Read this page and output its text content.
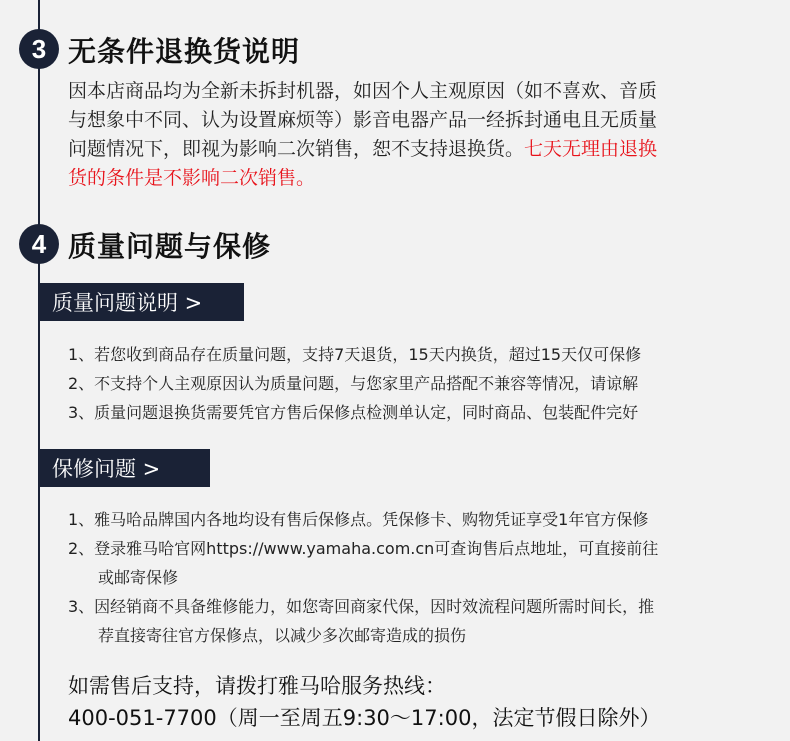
3 无条件退换货说明
因本店商品均为全新未拆封机器，如因个人主观原因（如不喜欢、音质
与想象中不同、认为设置麻烦等）影音电器产品一经拆封通电且无质量
问题情况下，即视为影响二次销售，恕不支持退换货。七天无理由退换
货的条件是不影响二次销售。
4 质量问题与保修
质量问题说明 >
1、若您收到商品存在质量问题，支持7天退货，15天内换货，超过15天仅可保修
2、不支持个人主观原因认为质量问题，与您家里产品搭配不兼容等情况，请谅解
3、质量问题退换货需要凭官方售后保修点检测单认定，同时商品、包装配件完好
保修问题 >
1、雅马哈品牌国内各地均设有售后保修点。凭保修卡、购物凭证享受1年官方保修
2、登录雅马哈官网https://www.yamaha.com.cn可查询售后点地址，可直接前往
或邮寄保修
3、因经销商不具备维修能力，如您寄回商家代保，因时效流程问题所需时间长，推
荐直接寄往官方保修点，以减少多次邮寄造成的损伤
如需售后支持，请拨打雅马哈服务热线：
400-051-7700（周一至周五9:30～17:00，法定节假日除外）
